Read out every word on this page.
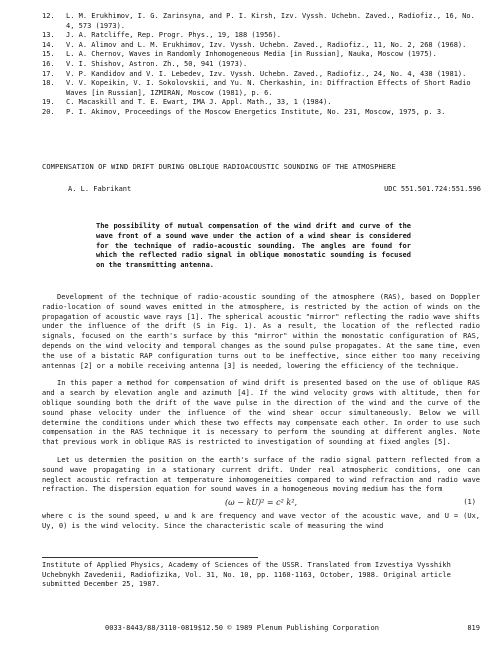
12.	L. M. Erukhimov, I. G. Zarinsyna, and P. I. Kirsh, Izv. Vyssh. Uchebn. Zaved., Radiofiz., 16, No. 4, 573 (1973).
13.	J. A. Ratcliffe, Rep. Progr. Phys., 19, 188 (1956).
14.	V. A. Alimov and L. M. Erukhimov, Izv. Vyssh. Uchebn. Zaved., Radiofiz., 11, No. 2, 268 (1968).
15.	L. A. Chernov, Waves in Randomly Inhomogeneous Media [in Russian], Nauka, Moscow (1975).
16.	V. I. Shishov, Astron. Zh., 50, 941 (1973).
17.	V. P. Kandidov and V. I. Lebedev, Izv. Vyssh. Uchebn. Zaved., Radiofiz., 24, No. 4, 438 (1981).
18.	V. V. Kopeikin, V. I. Sokolovskii, and Yu. N. Cherkashin, in: Diffraction Effects of Short Radio Waves [in Russian], IZMIRAN, Moscow (1981), p. 6.
19.	C. Macaskill and T. E. Ewart, IMA J. Appl. Math., 33, 1 (1984).
20.	P. I. Akimov, Proceedings of the Moscow Energetics Institute, No. 231, Moscow, 1975, p. 3.
COMPENSATION OF WIND DRIFT DURING OBLIQUE RADIOACOUSTIC SOUNDING OF THE ATMOSPHERE
A. L. Fabrikant	UDC 551.501.724:551.596
The possibility of mutual compensation of the wind drift and curve of the wave front of a sound wave under the action of a wind shear is considered for the technique of radio-acoustic sounding. The angles are found for which the reflected radio signal in oblique monostatic sounding is focused on the transmitting antenna.

Development of the technique of radio-acoustic sounding of the atmosphere (RAS), based on Doppler radio-location of sound waves emitted in the atmosphere, is restricted by the action of winds on the propagation of acoustic wave rays [1]. The spherical acoustic "mirror" reflecting the radio wave shifts under the influence of the drift (S in Fig. 1). As a result, the location of the reflected radio signals, focused on the earth's surface by this "mirror" within the monostatic configuration of RAS, depends on the wind velocity and temporal changes as the sound pulse propagates. At the same time, even the use of a bistatic RAP configuration turns out to be ineffective, since either too many receiving antennas [2] or a mobile receiving antenna [3] is needed, lowering the efficiency of the technique.

In this paper a method for compensation of wind drift is presented based on the use of oblique RAS and a search by elevation angle and azimuth [4]. If the wind velocity grows with altitude, then for oblique sounding both the drift of the wave pulse in the direction of the wind and the curve of the sound phase velocity under the influence of the wind shear occur simultaneously. Below we will determine the conditions under which these two effects may compensate each other. In order to use such compensation in the RAS technique it is necessary to perform the sounding at different angles. Note that previous work in oblique RAS is restricted to investigation of sounding at fixed angles [5].

Let us determien the position on the earth's surface of the radio signal pattern reflected from a sound wave propagating in a stationary current drift. Under real atmospheric conditions, one can neglect acoustic refraction at temperature inhomogeneities compared to wind refraction and radio wave refraction. The dispersion equation for sound waves in a homogeneous moving medium has the form

(ω − kU)² = c² k²,	(1)

where c is the sound speed, ω and k are frequency and wave vector of the acoustic wave, and U = (Ux, Uy, 0) is the wind velocity. Since the characteristic scale of measuring the wind

Institute of Applied Physics, Academy of Sciences of the USSR. Translated from Izvestiya Vysshikh Uchebnykh Zavedenii, Radiofizika, Vol. 31, No. 10, pp. 1160-1163, October, 1988. Original article submitted December 25, 1987.
0033-8443/88/3110-0819$12.50 © 1989 Plenum Publishing Corporation	819
